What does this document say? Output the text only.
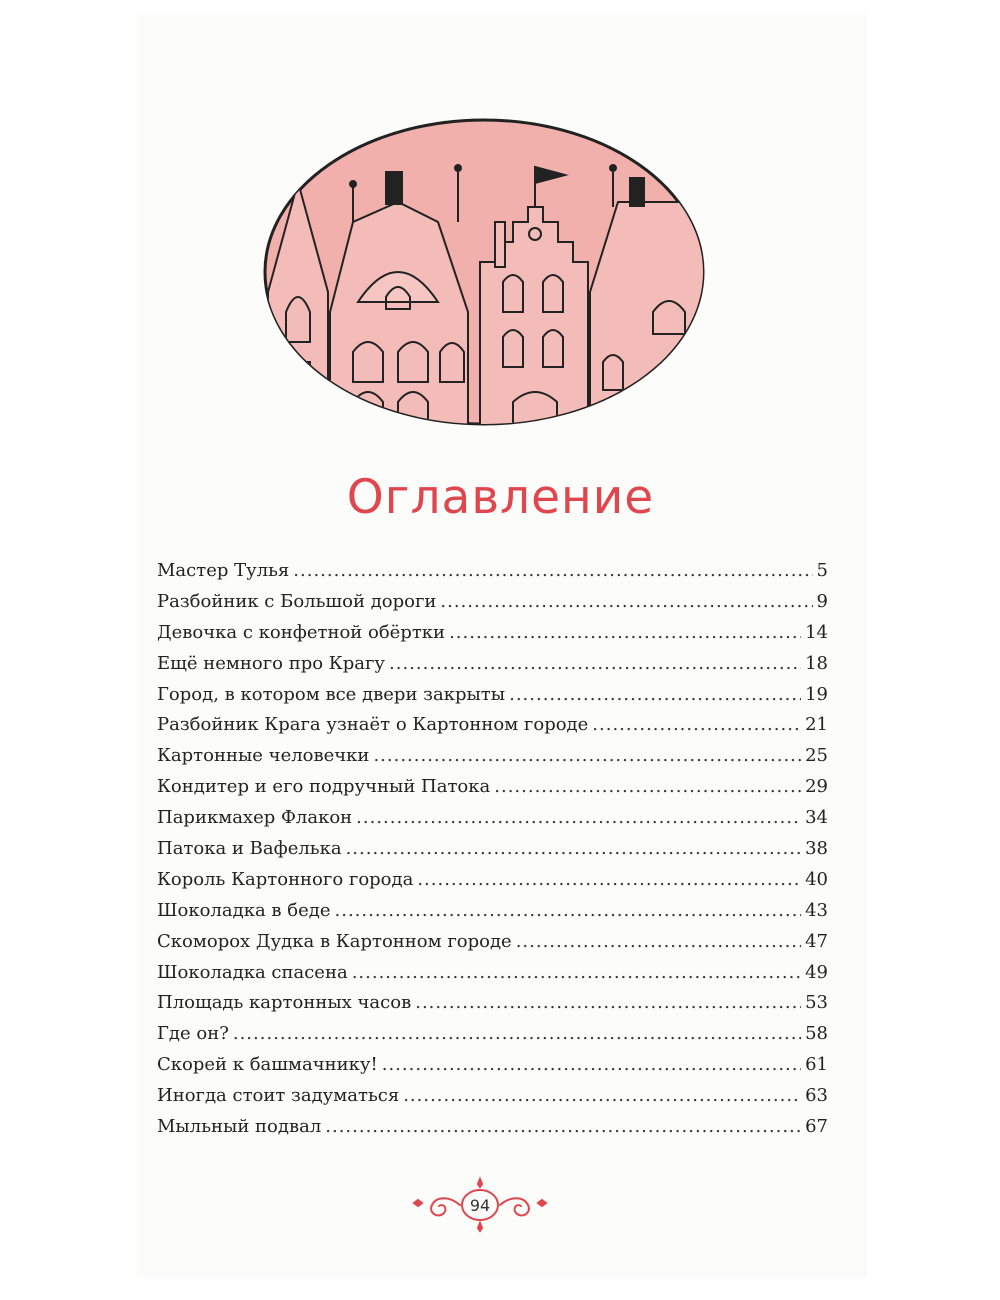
Оглавление
Мастер Тулья .....	5
Разбойник с Большой дороги .....	9
Девочка с конфетной обёртки .....	14
Ещё немного про Крагу .....	18
Город, в котором все двери закрыты .....	19
Разбойник Крага узнаёт о Картонном городе .....	21
Картонные человечки .....	25
Кондитер и его подручный Патока .....	29
Парикмахер Флакон .....	34
Патока и Вафелька .....	38
Король Картонного города .....	40
Шоколадка в беде .....	43
Скоморох Дудка в Картонном городе .....	47
Шоколадка спасена .....	49
Площадь картонных часов .....	53
Где он? .....	58
Скорей к башмачнику! .....	61
Иногда стоит задуматься .....	63
Мыльный подвал .....	67
94
